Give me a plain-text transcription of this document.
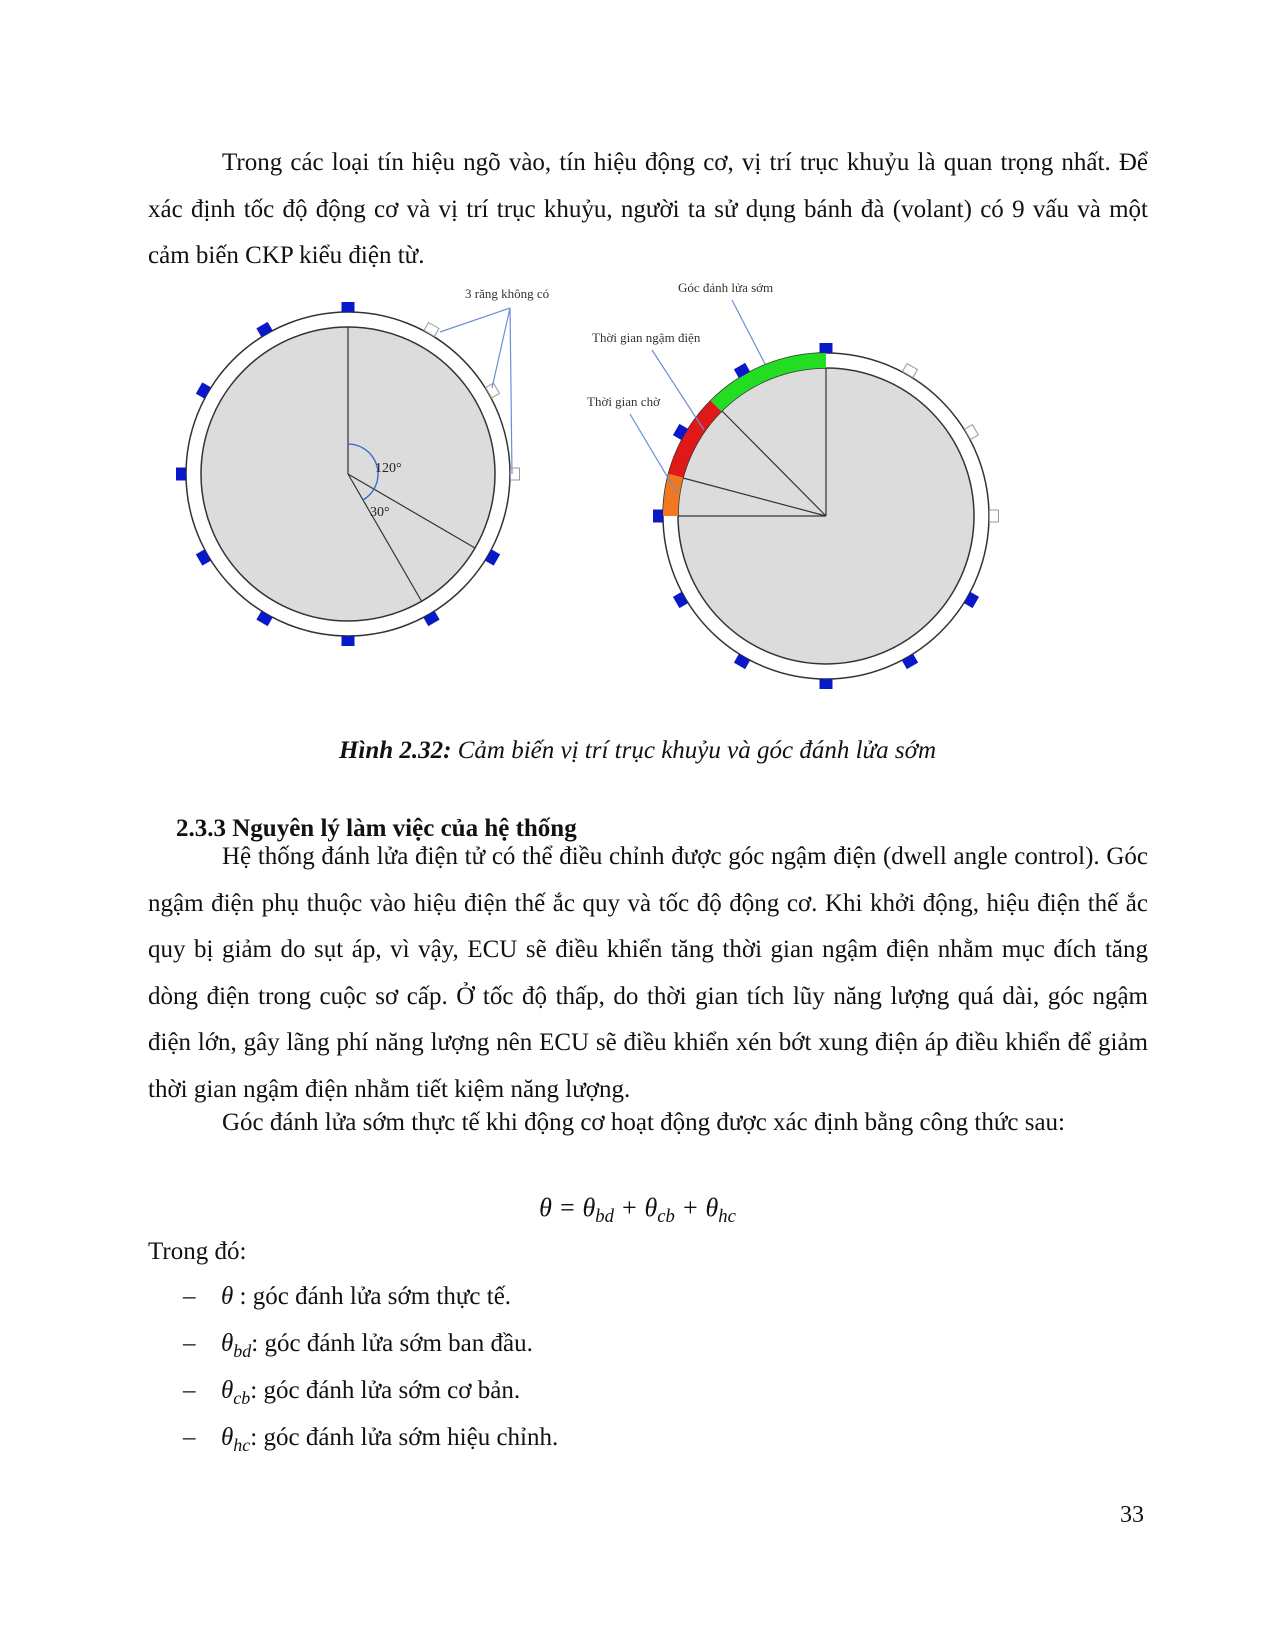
Trong các loại tín hiệu ngõ vào, tín hiệu động cơ, vị trí trục khuỷu là quan trọng nhất. Để xác định tốc độ động cơ và vị trí trục khuỷu, người ta sử dụng bánh đà (volant) có 9 vấu và một cảm biến CKP kiểu điện từ.

120°
30°
3 răng không có	Góc đánh lửa sớm
Thời gian ngậm điện
Thời gian chờ
Hình 2.32: Cảm biến vị trí trục khuỷu và góc đánh lửa sớm
2.3.3 Nguyên lý làm việc của hệ thống

Hệ thống đánh lửa điện tử có thể điều chỉnh được góc ngậm điện (dwell angle control). Góc ngậm điện phụ thuộc vào hiệu điện thế ắc quy và tốc độ động cơ. Khi khởi động, hiệu điện thế ắc quy bị giảm do sụt áp, vì vậy, ECU sẽ điều khiển tăng thời gian ngậm điện nhằm mục đích tăng dòng điện trong cuộc sơ cấp. Ở tốc độ thấp, do thời gian tích lũy năng lượng quá dài, góc ngậm điện lớn, gây lãng phí năng lượng nên ECU sẽ điều khiển xén bớt xung điện áp điều khiển để giảm thời gian ngậm điện nhằm tiết kiệm năng lượng.

Góc đánh lửa sớm thực tế khi động cơ hoạt động được xác định bằng công thức sau:

$\theta = \theta_{bd} + \theta_{cb} + \theta_{hc}$
Trong đó:
– θ : góc đánh lửa sớm thực tế.
– $\theta_{bd}$: góc đánh lửa sớm ban đầu.
– $\theta_{cb}$: góc đánh lửa sớm cơ bản.
– $\theta_{hc}$: góc đánh lửa sớm hiệu chỉnh.
33
